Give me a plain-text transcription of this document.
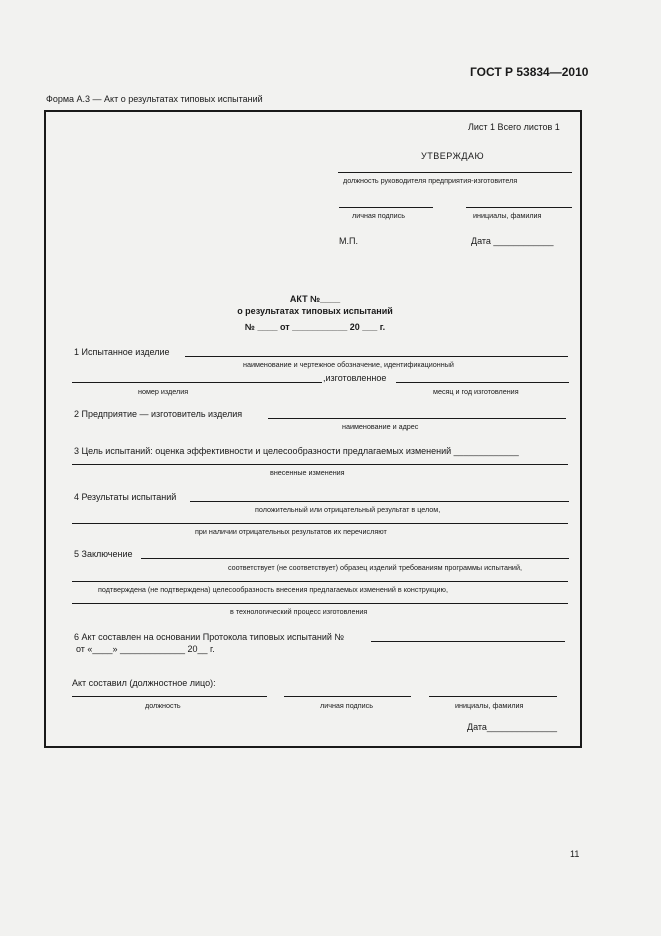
ГОСТ Р 53834—2010
Форма А.3 — Акт о результатах типовых испытаний
Лист 1 Всего листов 1
УТВЕРЖДАЮ
должность руководителя предприятия-изготовителя
личная подпись	инициалы, фамилия
М.П.	Дата ____________
АКТ №____
о результатах типовых испытаний
№ ____ от ___________ 20 ___ г.
1 Испытанное изделие
наименование и чертежное обозначение, идентификационный
,изготовленное
номер изделия	месяц и год изготовления
2 Предприятие — изготовитель изделия
наименование и адрес
3 Цель испытаний: оценка эффективности и целесообразности предлагаемых изменений _____________
внесенные изменения
4 Результаты испытаний
положительный или отрицательный результат в целом,
при наличии отрицательных результатов их перечисляют
5 Заключение
соответствует (не соответствует) образец изделий требованиям программы испытаний,
подтверждена (не подтверждена) целесообразность внесения предлагаемых изменений в конструкцию,
в технологический процесс изготовления
6 Акт составлен на основании Протокола типовых испытаний №
от «____» _____________ 20__ г.
Акт составил (должностное лицо):
должность	личная подпись	инициалы, фамилия
Дата______________
11
